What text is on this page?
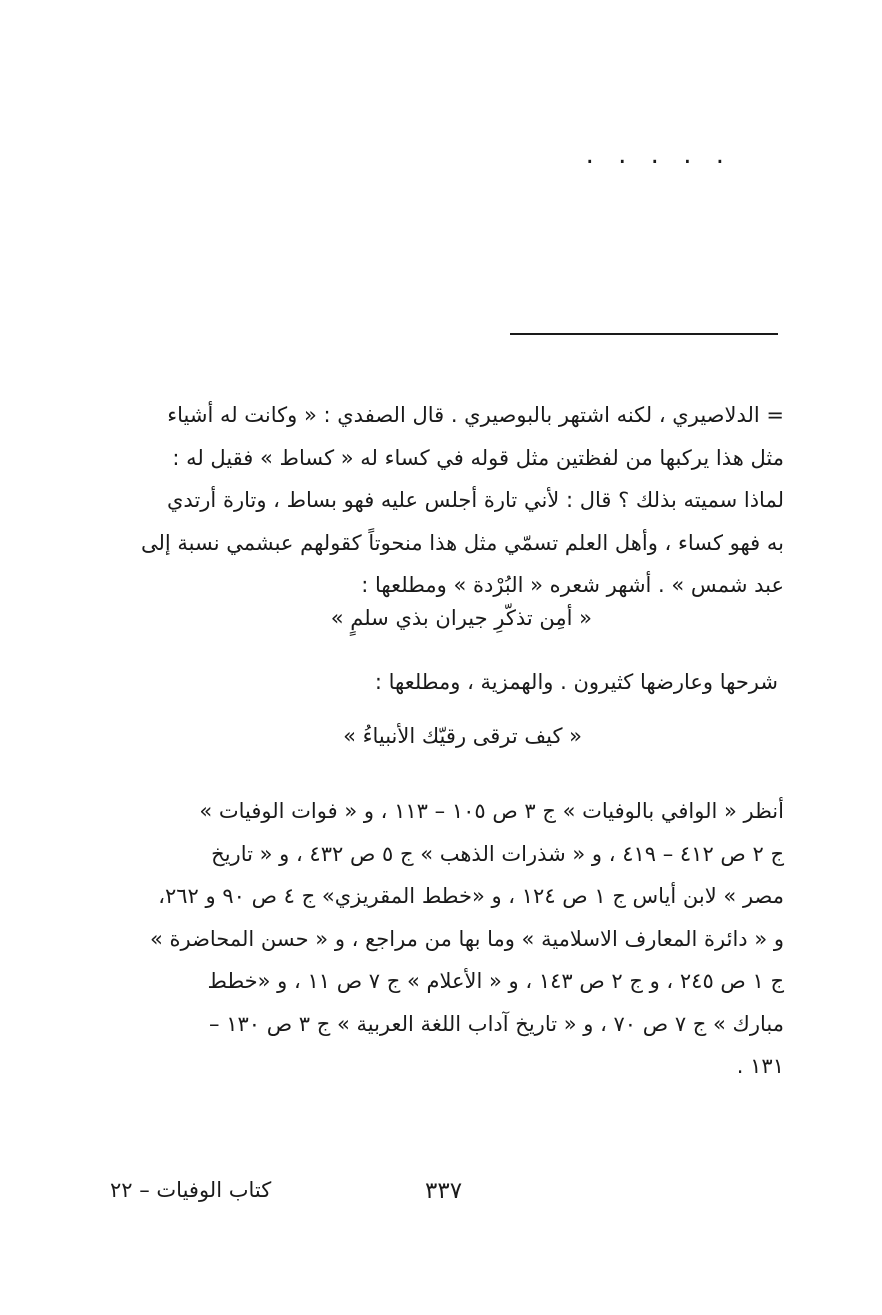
. . . . .
= الدلاصيري ، لكنه اشتهر بالبوصيري . قال الصفدي : « وكانت له أشياء
مثل هذا يركبها من لفظتين مثل قوله في كساء له « كساط » فقيل له :
لماذا سميته بذلك ؟ قال : لأني تارة أجلس عليه فهو بساط ، وتارة أرتدي
به فهو كساء ، وأهل العلم تسمّي مثل هذا منحوتاً كقولهم عبشمي نسبة إلى
عبد شمس » . أشهر شعره « البُرْدة » ومطلعها :
« أمِن تذكّرِ جيران بذي سلمٍ »
شرحها وعارضها كثيرون . والهمزية ، ومطلعها :
« كيف ترقى رقيّك الأنبياءُ »
أنظر « الوافي بالوفيات » ج ٣ ص ١٠٥ – ١١٣ ، و « فوات الوفيات »
ج ٢ ص ٤١٢ – ٤١٩ ، و « شذرات الذهب » ج ٥ ص ٤٣٢ ، و « تاريخ
مصر » لابن أياس ج ١ ص ١٢٤ ، و «خطط المقريزي» ج ٤ ص ٩٠ و ٢٦٢،
و « دائرة المعارف الاسلامية » وما بها من مراجع ، و « حسن المحاضرة »
ج ١ ص ٢٤٥ ، و ج ٢ ص ١٤٣ ، و « الأعلام » ج ٧ ص ١١ ، و «خطط
مبارك » ج ٧ ص ٧٠ ، و « تاريخ آداب اللغة العربية » ج ٣ ص ١٣٠ –
١٣١ .
٣٣٧
كتاب الوفيات – ٢٢
